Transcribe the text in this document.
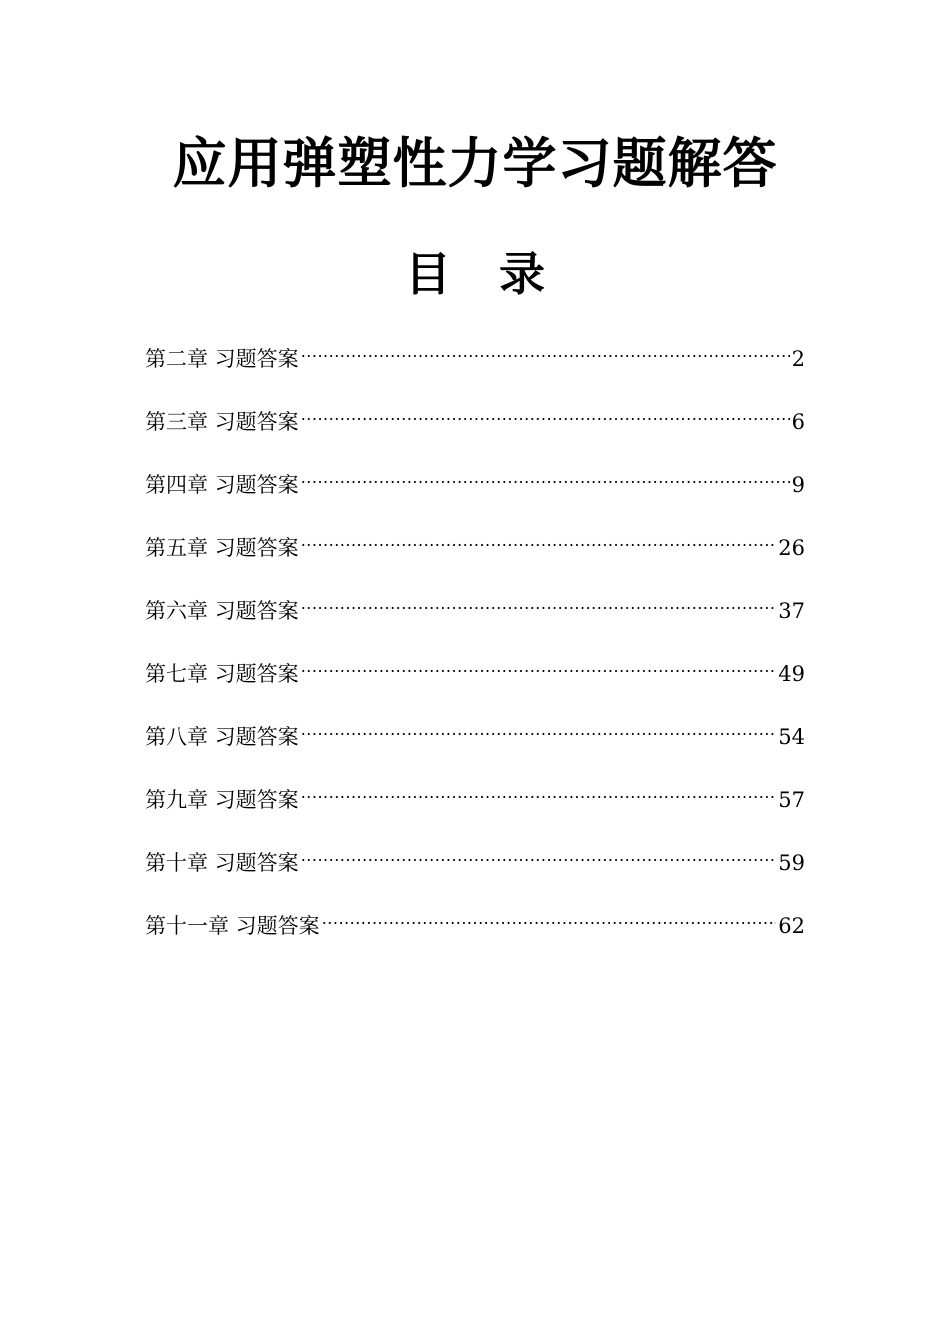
应用弹塑性力学习题解答
目 录
第二章 习题答案 .....	2
第三章 习题答案 .....	6
第四章 习题答案 .....	9
第五章 习题答案 .....	26
第六章 习题答案 .....	37
第七章 习题答案 .....	49
第八章 习题答案 .....	54
第九章 习题答案 .....	57
第十章 习题答案 .....	59
第十一章 习题答案 .....	62
